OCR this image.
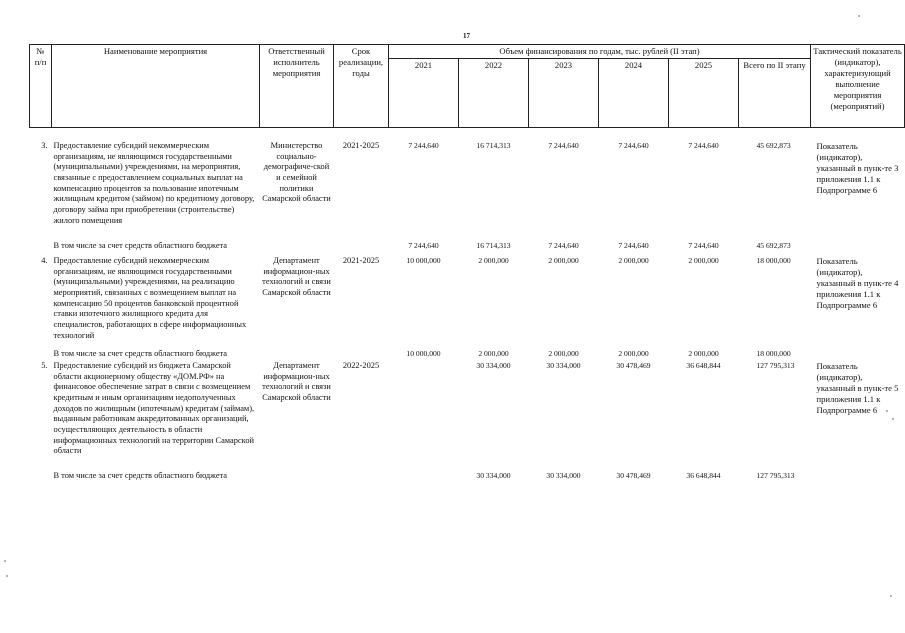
17
№
п/п	Наименование мероприятия	Ответственный исполнитель мероприятия	Срок реализации, годы	Объем финансирования по годам, тыс. рублей (II этап)						Тактический показатель (индикатор), характеризующий выполнение мероприятия (мероприятий)
				2021	2022	2023	2024	2025	Всего по II этапу	

3.	Предоставление субсидий некоммерческим организациям, не являющимся государственными (муниципальными) учреждениями, на мероприятия, связанные с предоставлением социальных выплат на компенсацию процентов за пользование ипотечным жилищным кредитом (займом) по кредитному договору, договору займа при приобретении (строительстве) жилого помещения	Министерство социально-демографиче-ской и семейной политики Самарской области	2021-2025	7 244,640	16 714,313	7 244,640	7 244,640	7 244,640	45 692,873	Показатель (индикатор), указанный в пунк-те 3 приложения 1.1 к Подпрограмме 6

	В том числе за счет средств областного бюджета			7 244,640	16 714,313	7 244,640	7 244,640	7 244,640	45 692,873	

4.	Предоставление субсидий некоммерческим организациям, не являющимся государственными (муниципальными) учреждениями, на реализацию мероприятий, связанных с возмещением выплат на компенсацию 50 процентов банковской процентной ставки ипотечного жилищного кредита для специалистов, работающих в сфере информационных технологий	Департамент информацион-ных технологий и связи Самарской области	2021-2025	10 000,000	2 000,000	2 000,000	2 000,000	2 000,000	18 000,000	Показатель (индикатор), указанный в пунк-те 4 приложения 1.1 к Подпрограмме 6

	В том числе за счет средств областного бюджета			10 000,000	2 000,000	2 000,000	2 000,000	2 000,000	18 000,000	

5.	Предоставление субсидий из бюджета Самарской области акционерному обществу «ДОМ.РФ» на финансовое обеспечение затрат в связи с возмещением кредитным и иным организациям недополученных доходов по жилищным (ипотечным) кредитам (займам), выданным работникам аккредитованных организаций, осуществляющих деятельность в области информационных технологий на территории Самарской области	Департамент информацион-ных технологий и связи Самарской области	2022-2025		30 334,000	30 334,000	30 478,469	36 648,844	127 795,313	Показатель (индикатор), указанный в пунк-те 5 приложения 1.1 к Подпрограмме 6

	В том числе за счет средств областного бюджета				30 334,000	30 334,000	30 478,469	36 648,844	127 795,313	
